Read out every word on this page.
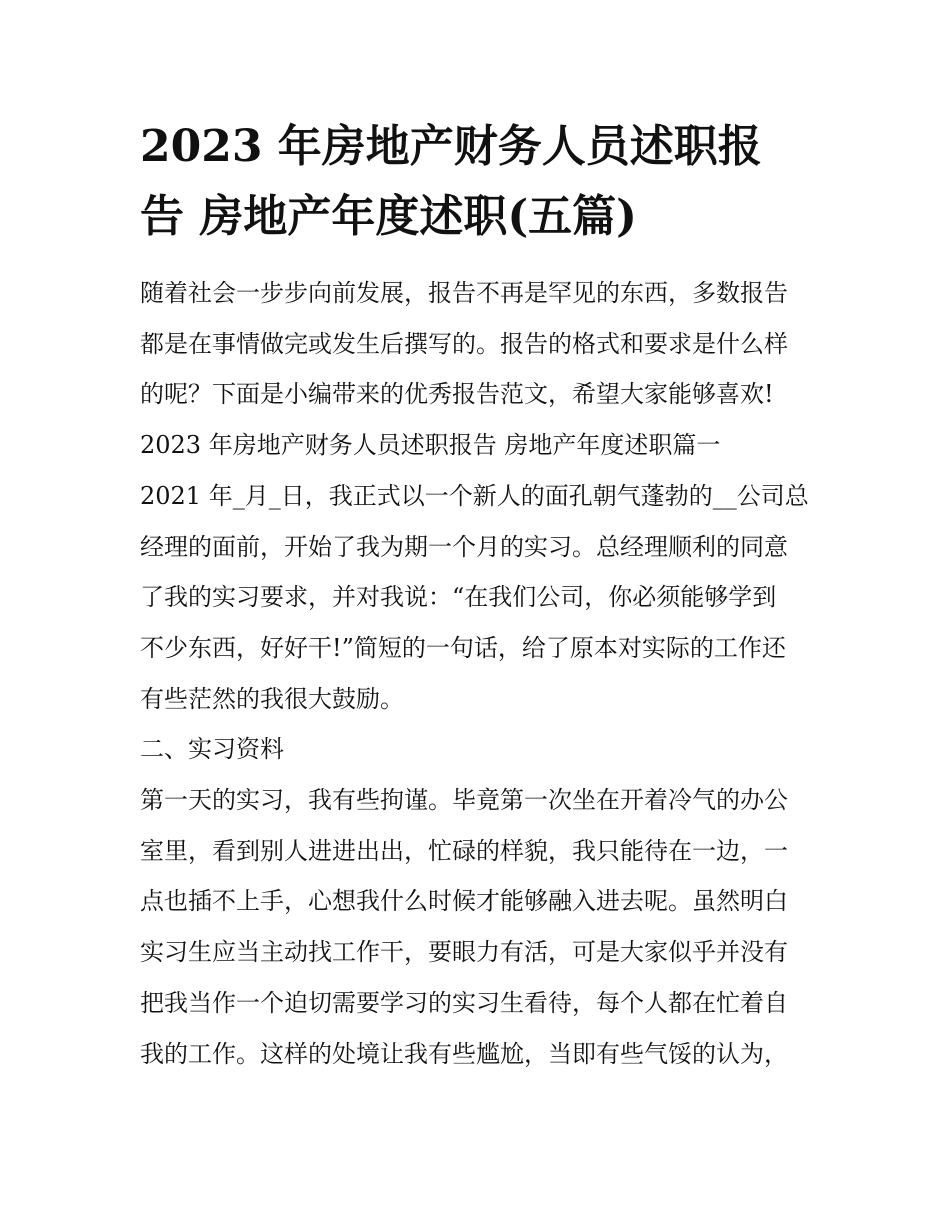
2023 年房地产财务人员述职报
告 房地产年度述职(五篇)
随着社会一步步向前发展，报告不再是罕见的东西，多数报告
都是在事情做完或发生后撰写的。报告的格式和要求是什么样
的呢？下面是小编带来的优秀报告范文，希望大家能够喜欢!
2023 年房地产财务人员述职报告 房地产年度述职篇一
2021 年_月_日，我正式以一个新人的面孔朝气蓬勃的__公司总
经理的面前，开始了我为期一个月的实习。总经理顺利的同意
了我的实习要求，并对我说：“在我们公司，你必须能够学到
不少东西，好好干!”简短的一句话，给了原本对实际的工作还
有些茫然的我很大鼓励。
二、实习资料
第一天的实习，我有些拘谨。毕竟第一次坐在开着冷气的办公
室里，看到别人进进出出，忙碌的样貌，我只能待在一边，一
点也插不上手，心想我什么时候才能够融入进去呢。虽然明白
实习生应当主动找工作干，要眼力有活，可是大家似乎并没有
把我当作一个迫切需要学习的实习生看待，每个人都在忙着自
我的工作。这样的处境让我有些尴尬，当即有些气馁的认为，
